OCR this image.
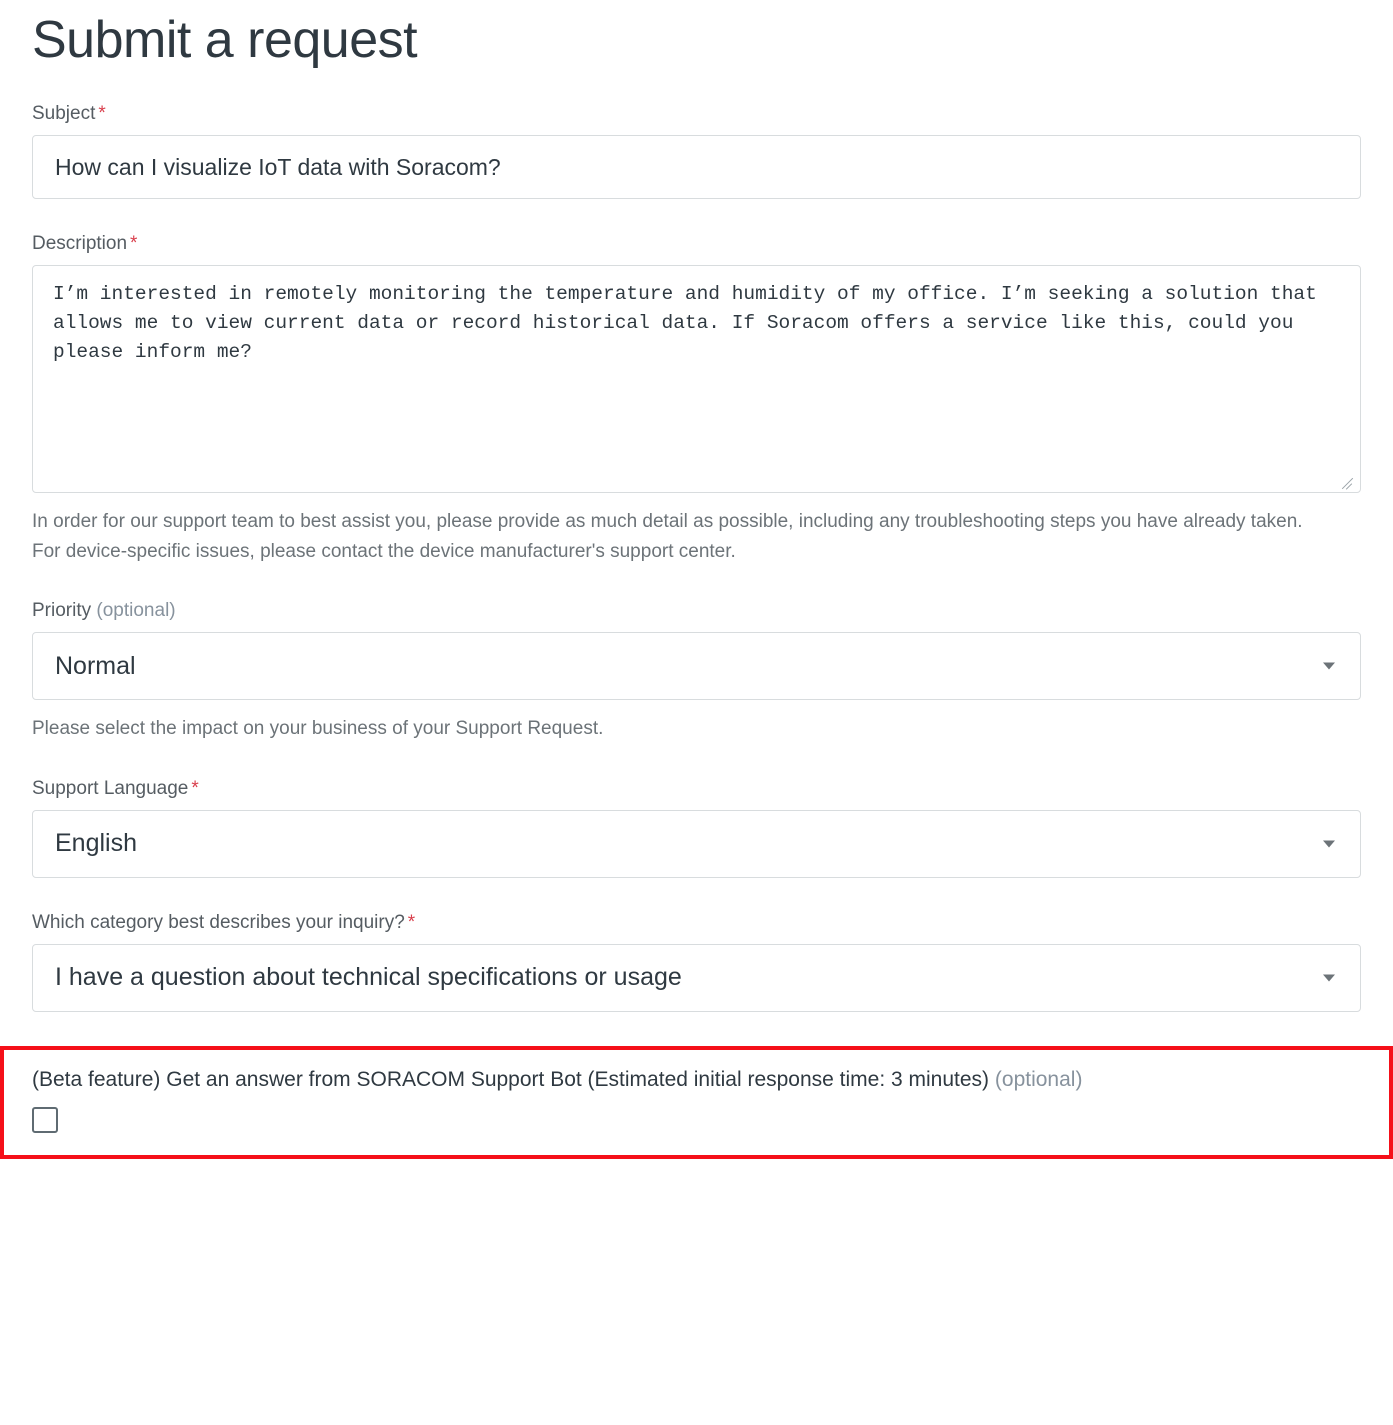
Submit a request
Subject *
How can I visualize IoT data with Soracom?
Description *
I’m interested in remotely monitoring the temperature and humidity of my office. I’m seeking a solution that allows me to view current data or record historical data. If Soracom offers a service like this, could you please inform me?
In order for our support team to best assist you, please provide as much detail as possible, including any troubleshooting steps you have already taken. For device-specific issues, please contact the device manufacturer's support center.
Priority (optional)
Normal
Please select the impact on your business of your Support Request.
Support Language *
English
Which category best describes your inquiry? *
I have a question about technical specifications or usage
(Beta feature) Get an answer from SORACOM Support Bot (Estimated initial response time: 3 minutes) (optional)
